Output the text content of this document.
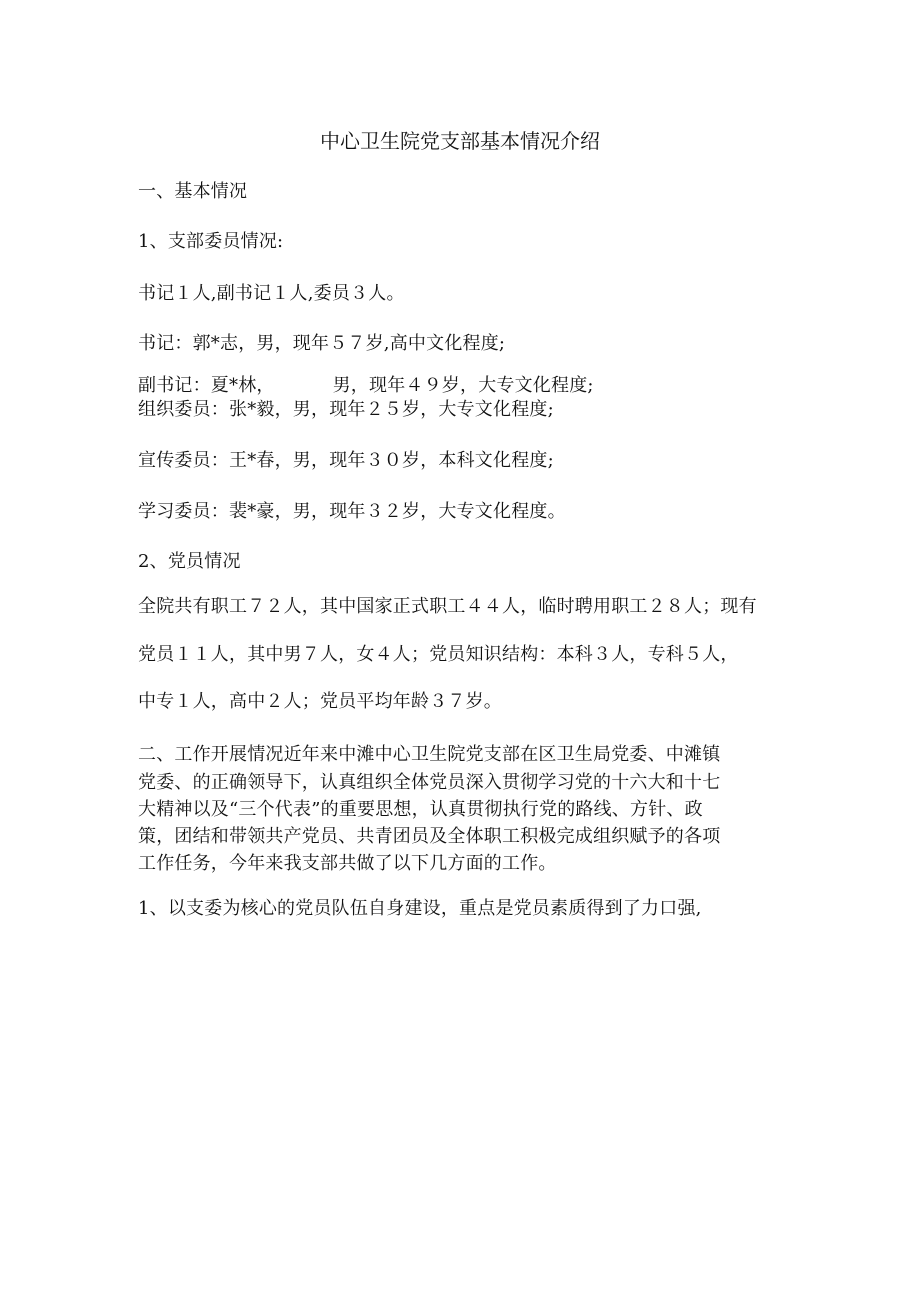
中心卫生院党支部基本情况介绍
一、基本情况
1、支部委员情况:
书记１人,副书记１人,委员３人。
书记：郭*志，男，现年５７岁,高中文化程度;
副书记：夏*林，	男，现年４９岁，大专文化程度;
组织委员：张*毅，男，现年２５岁，大专文化程度;
宣传委员：王*春，男，现年３０岁，本科文化程度;
学习委员：裴*豪，男，现年３２岁，大专文化程度。
2、党员情况
全院共有职工７２人，其中国家正式职工４４人，临时聘用职工２８人；现有
党员１１人，其中男７人，女４人；党员知识结构：本科３人，专科５人，
中专１人，高中２人；党员平均年龄３７岁。
二、工作开展情况近年来中滩中心卫生院党支部在区卫生局党委、中滩镇
党委、的正确领导下，认真组织全体党员深入贯彻学习党的十六大和十七
大精神以及“三个代表”的重要思想，认真贯彻执行党的路线、方针、政
策，团结和带领共产党员、共青团员及全体职工积极完成组织赋予的各项
工作任务，今年来我支部共做了以下几方面的工作。
1、以支委为核心的党员队伍自身建设，重点是党员素质得到了力口强,
